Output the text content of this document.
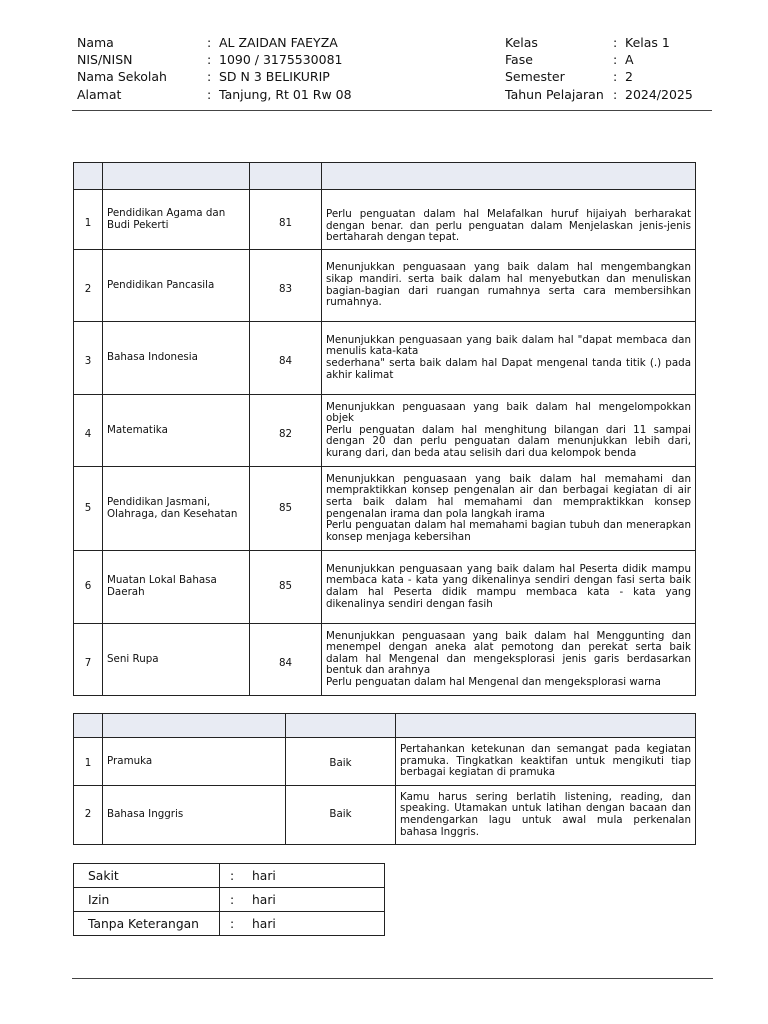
Nama	: AL ZAIDAN FAEYZA
NIS/NISN	: 1090 / 3175530081
Nama Sekolah	: SD N 3 BELIKURIP
Alamat	: Tanjung, Rt 01 Rw 08
Kelas	: Kelas 1
Fase	: A
Semester	: 2
Tahun Pelajaran : 2024/2025

1	Pendidikan Agama dan Budi Pekerti	81	Perlu penguatan dalam hal Melafalkan huruf hijaiyah berharakat dengan benar. dan perlu penguatan dalam Menjelaskan jenis-jenis bertaharah dengan tepat.

2	Pendidikan Pancasila	83	Menunjukkan penguasaan yang baik dalam hal mengembangkan sikap mandiri. serta baik dalam hal menyebutkan dan menuliskan bagian-bagian dari ruangan rumahnya serta cara membersihkan rumahnya.

3	Bahasa Indonesia	84	Menunjukkan penguasaan yang baik dalam hal "dapat membaca dan menulis kata-kata
sederhana" serta baik dalam hal Dapat mengenal tanda titik (.) pada akhir kalimat

4	Matematika	82	Menunjukkan penguasaan yang baik dalam hal mengelompokkan objek
Perlu penguatan dalam hal menghitung bilangan dari 11 sampai dengan 20 dan perlu penguatan dalam menunjukkan lebih dari, kurang dari, dan beda atau selisih dari dua kelompok benda

5	Pendidikan Jasmani, Olahraga, dan Kesehatan	85	Menunjukkan penguasaan yang baik dalam hal memahami dan mempraktikkan konsep pengenalan air dan berbagai kegiatan di air serta baik dalam hal memahami dan mempraktikkan konsep pengenalan irama dan pola langkah irama
Perlu penguatan dalam hal memahami bagian tubuh dan menerapkan konsep menjaga kebersihan

6	Muatan Lokal Bahasa Daerah	85	Menunjukkan penguasaan yang baik dalam hal Peserta didik mampu membaca kata - kata yang dikenalinya sendiri dengan fasi serta baik dalam hal Peserta didik mampu membaca kata - kata yang dikenalinya sendiri dengan fasih

7	Seni Rupa	84	Menunjukkan penguasaan yang baik dalam hal Menggunting dan menempel dengan aneka alat pemotong dan perekat serta baik dalam hal Mengenal dan mengeksplorasi jenis garis berdasarkan bentuk dan arahnya
Perlu penguatan dalam hal Mengenal dan mengeksplorasi warna

1	Pramuka	Baik	Pertahankan ketekunan dan semangat pada kegiatan pramuka. Tingkatkan keaktifan untuk mengikuti tiap berbagai kegiatan di pramuka

2	Bahasa Inggris	Baik	Kamu harus sering berlatih listening, reading, dan speaking. Utamakan untuk latihan dengan bacaan dan mendengarkan lagu untuk awal mula perkenalan bahasa Inggris.
Sakit	: hari
Izin	: hari
Tanpa Keterangan	: hari
